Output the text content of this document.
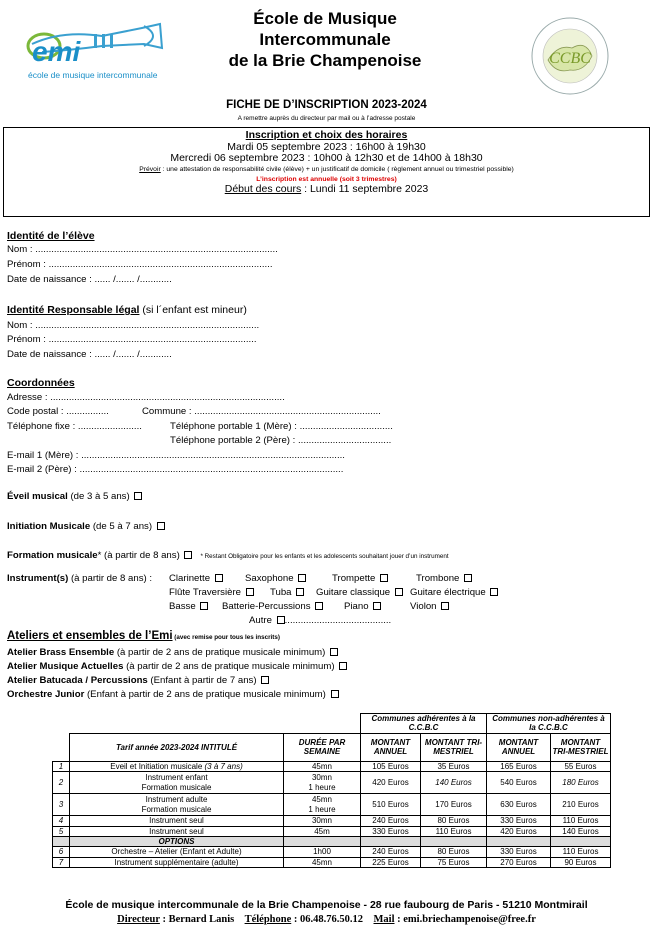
emi
école de musique intercommunale
École de Musique
Intercommunale
de la Brie Champenoise	CCBC
FICHE DE D’INSCRIPTION 2023-2024
A remettre auprès du directeur par mail ou à l’adresse postale
Inscription et choix des horaires
Mardi 05 septembre 2023 : 16h00 à 19h30
Mercredi 06 septembre 2023 : 10h00 à 12h30 et de 14h00 à 18h30
Prévoir : une attestation de responsabilité civile (élève) + un justificatif de domicile ( règlement annuel ou trimestriel possible)
L’inscription est annuelle (soit 3 trimestres)
Début des cours : Lundi 11 septembre 2023
Identité de l’élève
Nom : ...........................................................................................
Prénom : ....................................................................................
Date de naissance : ...... /....... /............
Identité Responsable légal (si l´enfant est mineur)
Nom : ....................................................................................
Prénom : ..............................................................................
Date de naissance : ...... /....... /............
Coordonnées
Adresse : ........................................................................................
Code postal : ................	Commune : ......................................................................
Téléphone fixe : ........................	Téléphone portable 1 (Mère) : ...................................
Téléphone portable 2 (Père) : ...................................
E-mail 1 (Mère) : ...................................................................................................
E-mail 2 (Père) : ...................................................................................................
Éveil musical (de 3 à 5 ans)
Initiation Musicale (de 5 à 7 ans)
Formation musicale* (à partir de 8 ans)	* Restant Obligatoire pour les enfants et les adolescents souhaitant jouer d’un instrument
Instrument(s) (à partir de 8 ans) : Clarinette	Saxophone	Trompette	Trombone
Flûte Traversière	Tuba	Guitare classique	Guitare électrique
Basse	Batterie-Percussions	Piano	Violon
Autre ........................................
Ateliers et ensembles de l’Emi (avec remise pour tous les inscrits)
Atelier Brass Ensemble (à partir de 2 ans de pratique musicale minimum)
Atelier Musique Actuelles (à partir de 2 ans de pratique musicale minimum)
Atelier Batucada / Percussions (Enfant à partir de 7 ans)
Orchestre Junior (Enfant à partir de 2 ans de pratique musicale minimum)
			Communes adhérentes à la C.C.B.C		Communes non-adhérentes à la C.C.B.C	
	Tarif année 2023-2024 INTITULÉ	DURÉE PAR SEMAINE	MONTANT ANNUEL	MONTANT TRI-MESTRIEL	MONTANT ANNUEL	MONTANT TRI-MESTRIEL
1	Eveil et Initiation musicale (3 à 7 ans)	45mn	105 Euros	35 Euros	165 Euros	55 Euros
2	Instrument enfant
Formation musicale	30mn
1 heure	420 Euros	140 Euros	540 Euros	180 Euros
3	Instrument adulte
Formation musicale	45mn
1 heure	510 Euros	170 Euros	630 Euros	210 Euros
4	Instrument seul	30mn	240 Euros	80 Euros	330 Euros	110 Euros
5	Instrument seul	45m	330 Euros	110 Euros	420 Euros	140 Euros
	OPTIONS					
6	Orchestre – Atelier (Enfant et Adulte)	1h00	240 Euros	80 Euros	330 Euros	110 Euros
7	Instrument supplémentaire (adulte)	45mn	225 Euros	75 Euros	270 Euros	90 Euros
École de musique intercommunale de la Brie Champenoise - 28 rue faubourg de Paris - 51210 Montmirail
Directeur : Bernard Lanis Téléphone : 06.48.76.50.12 Mail : emi.briechampenoise@free.fr
